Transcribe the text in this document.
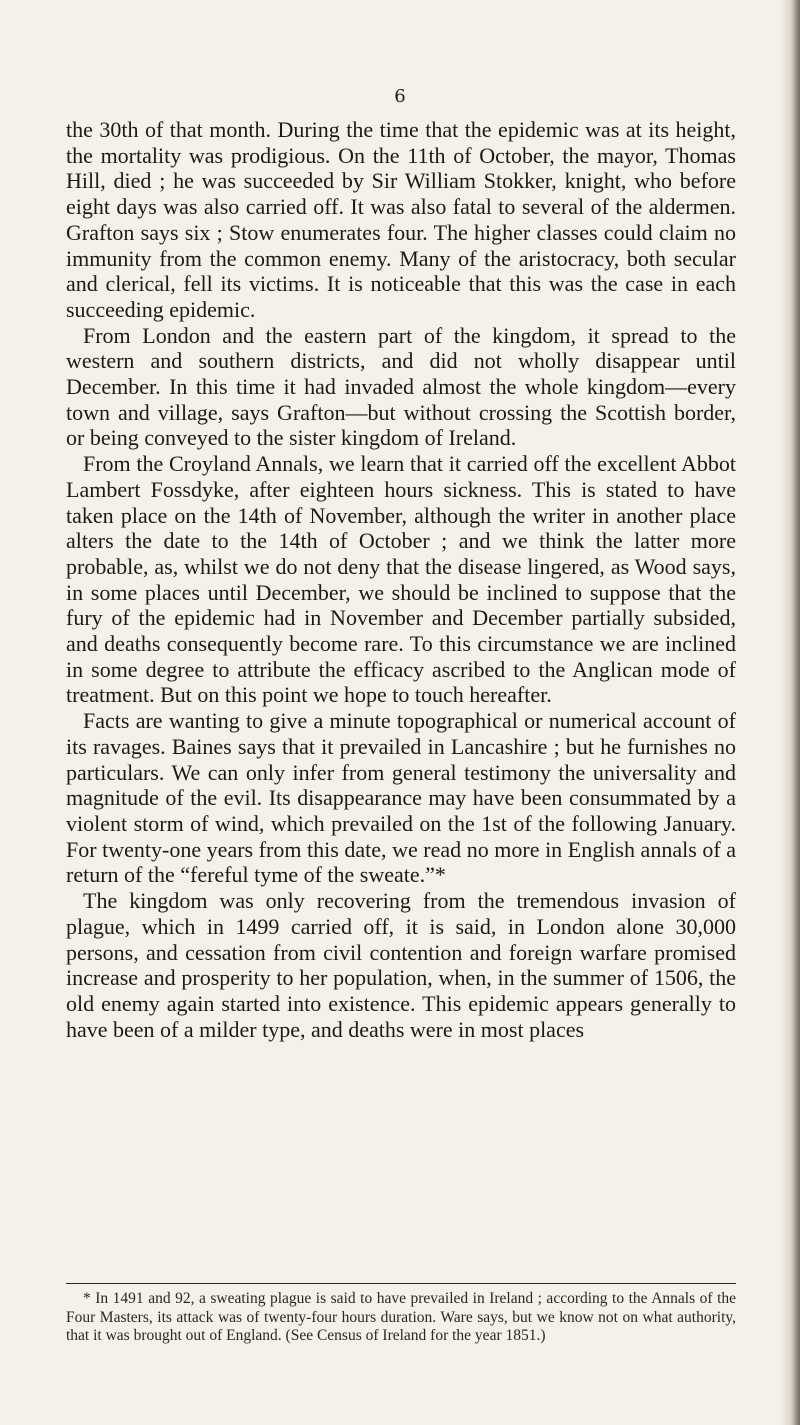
6

the 30th of that month. During the time that the epidemic was at its height, the mortality was prodigious. On the 11th of October, the mayor, Thomas Hill, died ; he was succeeded by Sir William Stokker, knight, who before eight days was also carried off. It was also fatal to several of the aldermen. Grafton says six ; Stow enumerates four. The higher classes could claim no immunity from the common enemy. Many of the aristocracy, both secular and clerical, fell its victims. It is noticeable that this was the case in each succeeding epidemic.

From London and the eastern part of the kingdom, it spread to the western and southern districts, and did not wholly disappear until December. In this time it had invaded almost the whole kingdom—every town and village, says Grafton—but without crossing the Scottish border, or being conveyed to the sister kingdom of Ireland.

From the Croyland Annals, we learn that it carried off the excellent Abbot Lambert Fossdyke, after eighteen hours sickness. This is stated to have taken place on the 14th of November, although the writer in another place alters the date to the 14th of October ; and we think the latter more probable, as, whilst we do not deny that the disease lingered, as Wood says, in some places until December, we should be inclined to suppose that the fury of the epidemic had in November and December partially subsided, and deaths consequently become rare. To this circumstance we are inclined in some degree to attribute the efficacy ascribed to the Anglican mode of treatment. But on this point we hope to touch hereafter.

Facts are wanting to give a minute topographical or numerical account of its ravages. Baines says that it prevailed in Lancashire ; but he furnishes no particulars. We can only infer from general testimony the universality and magnitude of the evil. Its disappearance may have been consummated by a violent storm of wind, which prevailed on the 1st of the following January. For twenty-one years from this date, we read no more in English annals of a return of the “fereful tyme of the sweate.”*

The kingdom was only recovering from the tremendous invasion of plague, which in 1499 carried off, it is said, in London alone 30,000 persons, and cessation from civil contention and foreign warfare promised increase and prosperity to her population, when, in the summer of 1506, the old enemy again started into existence. This epidemic appears generally to have been of a milder type, and deaths were in most places

* In 1491 and 92, a sweating plague is said to have prevailed in Ireland ; according to the Annals of the Four Masters, its attack was of twenty-four hours duration. Ware says, but we know not on what authority, that it was brought out of England. (See Census of Ireland for the year 1851.)
